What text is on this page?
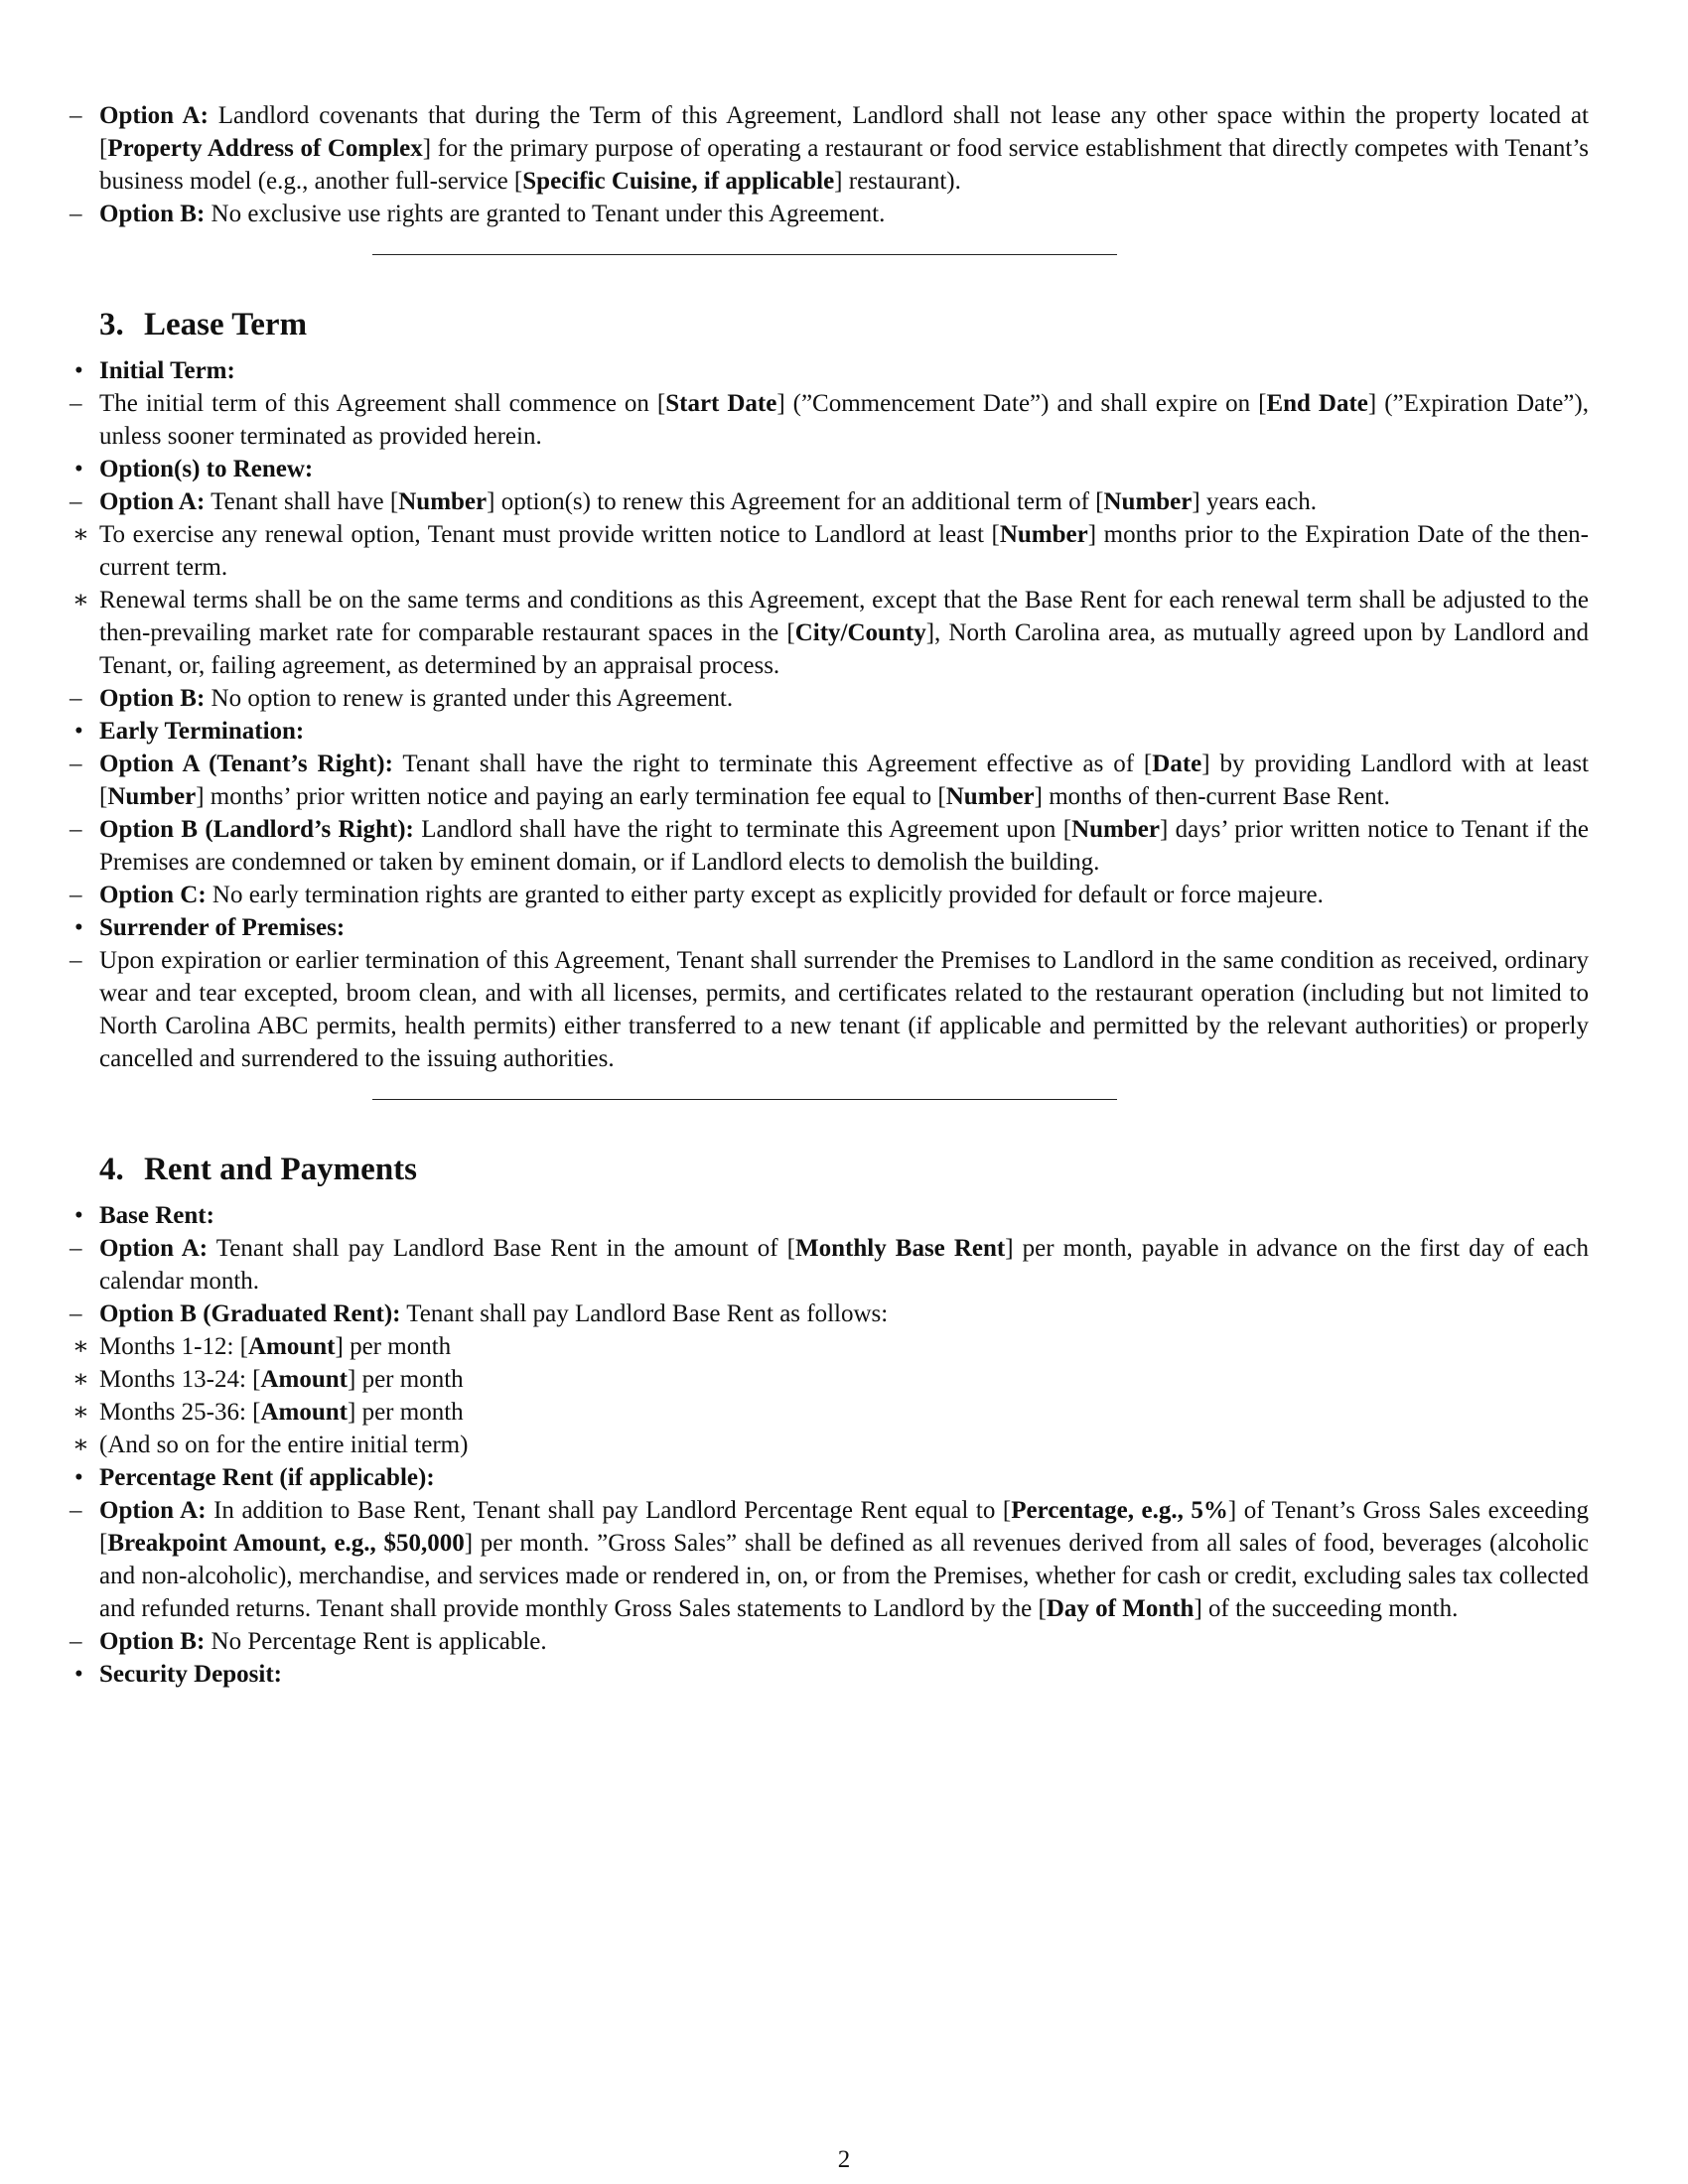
– Option A: Landlord covenants that during the Term of this Agreement, Landlord shall not lease any other space within the property located at [Property Address of Complex] for the primary purpose of operating a restaurant or food service establishment that directly competes with Tenant’s business model (e.g., another full-service [Specific Cuisine, if applicable] restaurant).

– Option B: No exclusive use rights are granted to Tenant under this Agreement.

3. Lease Term

• Initial Term:

– The initial term of this Agreement shall commence on [Start Date] (”Commencement Date”) and shall expire on [End Date] (”Expiration Date”), unless sooner terminated as provided herein.

• Option(s) to Renew:

– Option A: Tenant shall have [Number] option(s) to renew this Agreement for an additional term of [Number] years each.

∗ To exercise any renewal option, Tenant must provide written notice to Landlord at least [Number] months prior to the Expiration Date of the then-current term.

∗ Renewal terms shall be on the same terms and conditions as this Agreement, except that the Base Rent for each renewal term shall be adjusted to the then-prevailing market rate for comparable restaurant spaces in the [City/County], North Carolina area, as mutually agreed upon by Landlord and Tenant, or, failing agreement, as determined by an appraisal process.

– Option B: No option to renew is granted under this Agreement.

• Early Termination:

– Option A (Tenant’s Right): Tenant shall have the right to terminate this Agreement effective as of [Date] by providing Landlord with at least [Number] months’ prior written notice and paying an early termination fee equal to [Number] months of then-current Base Rent.

– Option B (Landlord’s Right): Landlord shall have the right to terminate this Agreement upon [Number] days’ prior written notice to Tenant if the Premises are condemned or taken by eminent domain, or if Landlord elects to demolish the building.

– Option C: No early termination rights are granted to either party except as explicitly provided for default or force majeure.

• Surrender of Premises:

– Upon expiration or earlier termination of this Agreement, Tenant shall surrender the Premises to Landlord in the same condition as received, ordinary wear and tear excepted, broom clean, and with all licenses, permits, and certificates related to the restaurant operation (including but not limited to North Carolina ABC permits, health permits) either transferred to a new tenant (if applicable and permitted by the relevant authorities) or properly cancelled and surrendered to the issuing authorities.

4. Rent and Payments

• Base Rent:

– Option A: Tenant shall pay Landlord Base Rent in the amount of [Monthly Base Rent] per month, payable in advance on the first day of each calendar month.

– Option B (Graduated Rent): Tenant shall pay Landlord Base Rent as follows:

∗ Months 1-12: [Amount] per month

∗ Months 13-24: [Amount] per month

∗ Months 25-36: [Amount] per month

∗ (And so on for the entire initial term)

• Percentage Rent (if applicable):

– Option A: In addition to Base Rent, Tenant shall pay Landlord Percentage Rent equal to [Percentage, e.g., 5%] of Tenant’s Gross Sales exceeding [Breakpoint Amount, e.g., $50,000] per month. ”Gross Sales” shall be defined as all revenues derived from all sales of food, beverages (alcoholic and non-alcoholic), merchandise, and services made or rendered in, on, or from the Premises, whether for cash or credit, excluding sales tax collected and refunded returns. Tenant shall provide monthly Gross Sales statements to Landlord by the [Day of Month] of the succeeding month.

– Option B: No Percentage Rent is applicable.

• Security Deposit:

2
